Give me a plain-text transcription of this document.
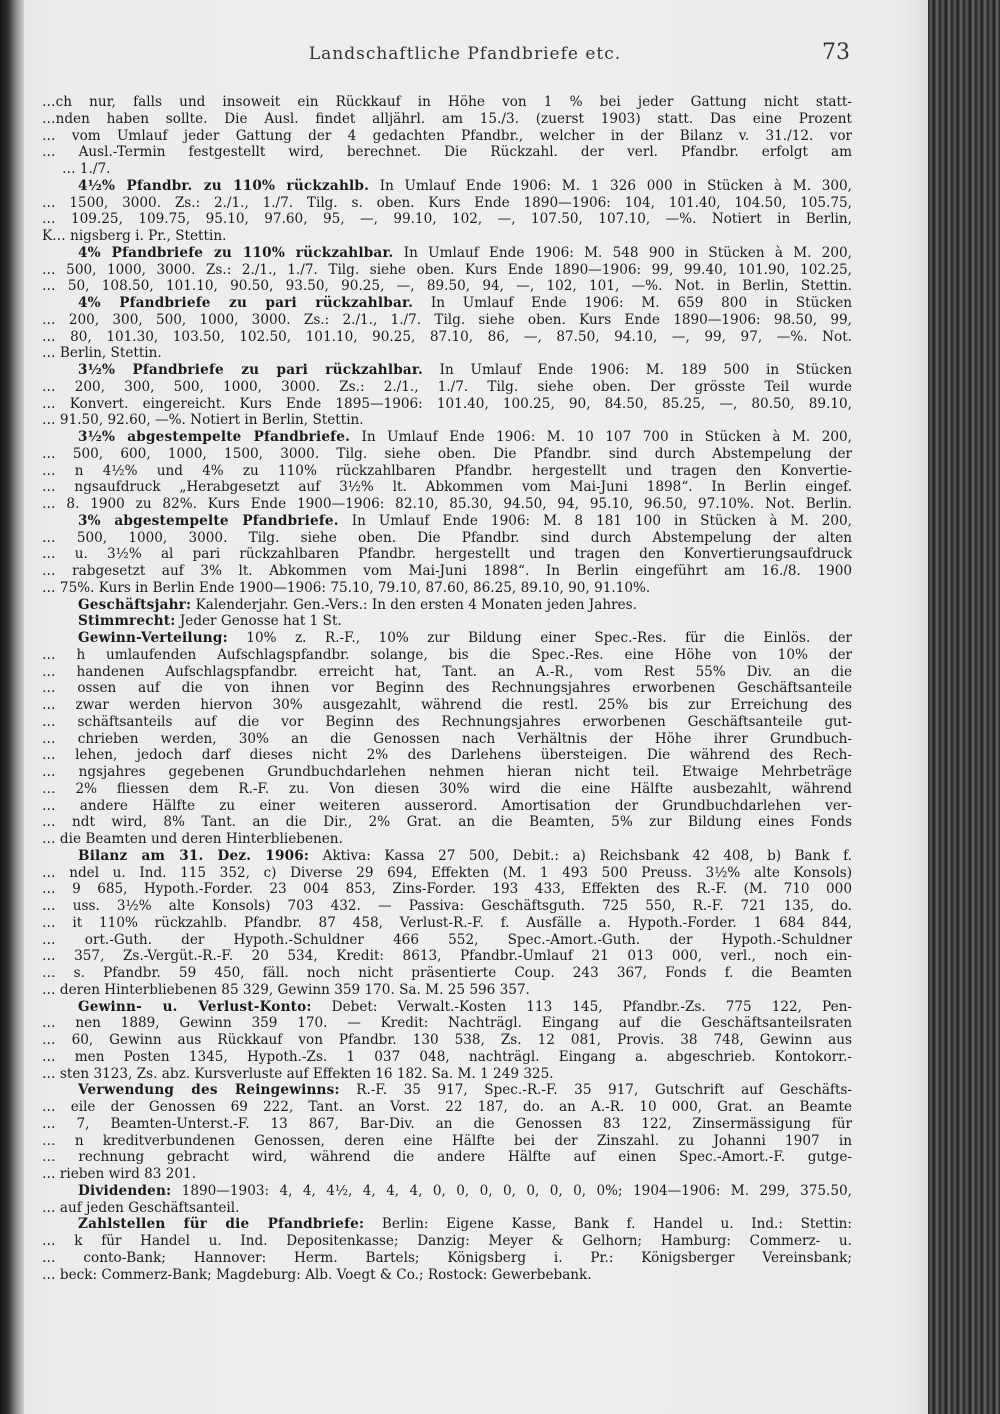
Landschaftliche Pfandbriefe etc.	73
…ch nur, falls und insoweit ein Rückkauf in Höhe von 1 % bei jeder Gattung nicht statt-
…nden haben sollte. Die Ausl. findet alljährl. am 15./3. (zuerst 1903) statt. Das eine Prozent
… vom Umlauf jeder Gattung der 4 gedachten Pfandbr., welcher in der Bilanz v. 31./12. vor
… Ausl.-Termin festgestellt wird, berechnet. Die Rückzahl. der verl. Pfandbr. erfolgt am
… 1./7.
4½% Pfandbr. zu 110% rückzahlb. In Umlauf Ende 1906: M. 1 326 000 in Stücken à M. 300,
… 1500, 3000. Zs.: 2./1., 1./7. Tilg. s. oben. Kurs Ende 1890—1906: 104, 101.40, 104.50, 105.75,
… 109.25, 109.75, 95.10, 97.60, 95, —, 99.10, 102, —, 107.50, 107.10, —%. Notiert in Berlin,
K… nigsberg i. Pr., Stettin.
4% Pfandbriefe zu 110% rückzahlbar. In Umlauf Ende 1906: M. 548 900 in Stücken à M. 200,
… 500, 1000, 3000. Zs.: 2./1., 1./7. Tilg. siehe oben. Kurs Ende 1890—1906: 99, 99.40, 101.90, 102.25,
… 50, 108.50, 101.10, 90.50, 93.50, 90.25, —, 89.50, 94, —, 102, 101, —%. Not. in Berlin, Stettin.
4% Pfandbriefe zu pari rückzahlbar. In Umlauf Ende 1906: M. 659 800 in Stücken
… 200, 300, 500, 1000, 3000. Zs.: 2./1., 1./7. Tilg. siehe oben. Kurs Ende 1890—1906: 98.50, 99,
… 80, 101.30, 103.50, 102.50, 101.10, 90.25, 87.10, 86, —, 87.50, 94.10, —, 99, 97, —%. Not.
… Berlin, Stettin.
3½% Pfandbriefe zu pari rückzahlbar. In Umlauf Ende 1906: M. 189 500 in Stücken
… 200, 300, 500, 1000, 3000. Zs.: 2./1., 1./7. Tilg. siehe oben. Der grösste Teil wurde
… Konvert. eingereicht. Kurs Ende 1895—1906: 101.40, 100.25, 90, 84.50, 85.25, —, 80.50, 89.10,
… 91.50, 92.60, —%. Notiert in Berlin, Stettin.
3½% abgestempelte Pfandbriefe. In Umlauf Ende 1906: M. 10 107 700 in Stücken à M. 200,
… 500, 600, 1000, 1500, 3000. Tilg. siehe oben. Die Pfandbr. sind durch Abstempelung der
… n 4½% und 4% zu 110% rückzahlbaren Pfandbr. hergestellt und tragen den Konvertie-
… ngsaufdruck „Herabgesetzt auf 3½% lt. Abkommen vom Mai-Juni 1898“. In Berlin eingef.
… 8. 1900 zu 82%. Kurs Ende 1900—1906: 82.10, 85.30, 94.50, 94, 95.10, 96.50, 97.10%. Not. Berlin.
3% abgestempelte Pfandbriefe. In Umlauf Ende 1906: M. 8 181 100 in Stücken à M. 200,
… 500, 1000, 3000. Tilg. siehe oben. Die Pfandbr. sind durch Abstempelung der alten
… u. 3½% al pari rückzahlbaren Pfandbr. hergestellt und tragen den Konvertierungsaufdruck
… rabgesetzt auf 3% lt. Abkommen vom Mai-Juni 1898“. In Berlin eingeführt am 16./8. 1900
… 75%. Kurs in Berlin Ende 1900—1906: 75.10, 79.10, 87.60, 86.25, 89.10, 90, 91.10%.
Geschäftsjahr: Kalenderjahr. Gen.-Vers.: In den ersten 4 Monaten jeden Jahres.
Stimmrecht: Jeder Genosse hat 1 St.
Gewinn-Verteilung: 10% z. R.-F., 10% zur Bildung einer Spec.-Res. für die Einlös. der
… h umlaufenden Aufschlagspfandbr. solange, bis die Spec.-Res. eine Höhe von 10% der
… handenen Aufschlagspfandbr. erreicht hat, Tant. an A.-R., vom Rest 55% Div. an die
… ossen auf die von ihnen vor Beginn des Rechnungsjahres erworbenen Geschäftsanteile
… zwar werden hiervon 30% ausgezahlt, während die restl. 25% bis zur Erreichung des
… schäftsanteils auf die vor Beginn des Rechnungsjahres erworbenen Geschäftsanteile gut-
… chrieben werden, 30% an die Genossen nach Verhältnis der Höhe ihrer Grundbuch-
… lehen, jedoch darf dieses nicht 2% des Darlehens übersteigen. Die während des Rech-
… ngsjahres gegebenen Grundbuchdarlehen nehmen hieran nicht teil. Etwaige Mehrbeträge
… 2% fliessen dem R.-F. zu. Von diesen 30% wird die eine Hälfte ausbezahlt, während
… andere Hälfte zu einer weiteren ausserord. Amortisation der Grundbuchdarlehen ver-
… ndt wird, 8% Tant. an die Dir., 2% Grat. an die Beamten, 5% zur Bildung eines Fonds
… die Beamten und deren Hinterbliebenen.
Bilanz am 31. Dez. 1906: Aktiva: Kassa 27 500, Debit.: a) Reichsbank 42 408, b) Bank f.
… ndel u. Ind. 115 352, c) Diverse 29 694, Effekten (M. 1 493 500 Preuss. 3½% alte Konsols)
… 9 685, Hypoth.-Forder. 23 004 853, Zins-Forder. 193 433, Effekten des R.-F. (M. 710 000
… uss. 3½% alte Konsols) 703 432. — Passiva: Geschäftsguth. 725 550, R.-F. 721 135, do.
… it 110% rückzahlb. Pfandbr. 87 458, Verlust-R.-F. f. Ausfälle a. Hypoth.-Forder. 1 684 844,
… ort.-Guth. der Hypoth.-Schuldner 466 552, Spec.-Amort.-Guth. der Hypoth.-Schuldner
… 357, Zs.-Vergüt.-R.-F. 20 534, Kredit: 8613, Pfandbr.-Umlauf 21 013 000, verl., noch ein-
… s. Pfandbr. 59 450, fäll. noch nicht präsentierte Coup. 243 367, Fonds f. die Beamten
… deren Hinterbliebenen 85 329, Gewinn 359 170. Sa. M. 25 596 357.
Gewinn- u. Verlust-Konto: Debet: Verwalt.-Kosten 113 145, Pfandbr.-Zs. 775 122, Pen-
… nen 1889, Gewinn 359 170. — Kredit: Nachträgl. Eingang auf die Geschäftsanteilsraten
… 60, Gewinn aus Rückkauf von Pfandbr. 130 538, Zs. 12 081, Provis. 38 748, Gewinn aus
… men Posten 1345, Hypoth.-Zs. 1 037 048, nachträgl. Eingang a. abgeschrieb. Kontokorr.-
… sten 3123, Zs. abz. Kursverluste auf Effekten 16 182. Sa. M. 1 249 325.
Verwendung des Reingewinns: R.-F. 35 917, Spec.-R.-F. 35 917, Gutschrift auf Geschäfts-
… eile der Genossen 69 222, Tant. an Vorst. 22 187, do. an A.-R. 10 000, Grat. an Beamte
… 7, Beamten-Unterst.-F. 13 867, Bar-Div. an die Genossen 83 122, Zinsermässigung für
… n kreditverbundenen Genossen, deren eine Hälfte bei der Zinszahl. zu Johanni 1907 in
… rechnung gebracht wird, während die andere Hälfte auf einen Spec.-Amort.-F. gutge-
… rieben wird 83 201.
Dividenden: 1890—1903: 4, 4, 4½, 4, 4, 4, 0, 0, 0, 0, 0, 0, 0, 0%; 1904—1906: M. 299, 375.50,
… auf jeden Geschäftsanteil.
Zahlstellen für die Pfandbriefe: Berlin: Eigene Kasse, Bank f. Handel u. Ind.: Stettin:
… k für Handel u. Ind. Depositenkasse; Danzig: Meyer & Gelhorn; Hamburg: Commerz- u.
… conto-Bank; Hannover: Herm. Bartels; Königsberg i. Pr.: Königsberger Vereinsbank;
… beck: Commerz-Bank; Magdeburg: Alb. Voegt & Co.; Rostock: Gewerbebank.
